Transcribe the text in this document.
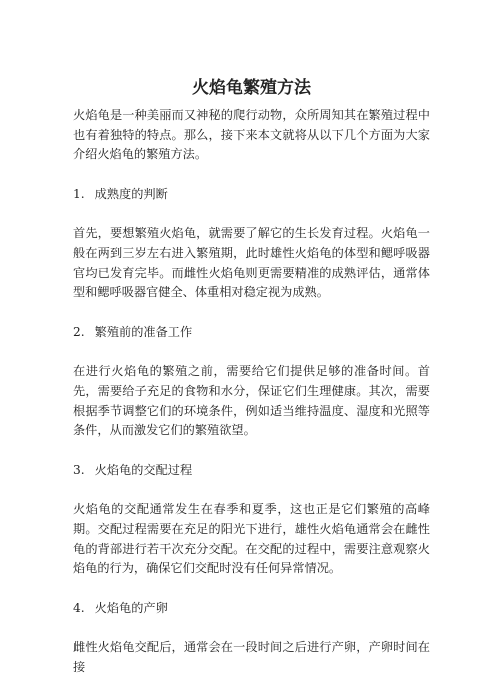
火焰龟繁殖方法

火焰龟是一种美丽而又神秘的爬行动物，众所周知其在繁殖过程中也有着独特的特点。那么，接下来本文就将从以下几个方面为大家介绍火焰龟的繁殖方法。

1. 成熟度的判断

首先，要想繁殖火焰龟，就需要了解它的生长发育过程。火焰龟一般在两到三岁左右进入繁殖期，此时雄性火焰龟的体型和鳃呼吸器官均已发育完毕。而雌性火焰龟则更需要精准的成熟评估，通常体型和鳃呼吸器官健全、体重相对稳定视为成熟。

2. 繁殖前的准备工作

在进行火焰龟的繁殖之前，需要给它们提供足够的准备时间。首先，需要给子充足的食物和水分，保证它们生理健康。其次，需要根据季节调整它们的环境条件，例如适当维持温度、湿度和光照等条件，从而激发它们的繁殖欲望。

3. 火焰龟的交配过程

火焰龟的交配通常发生在春季和夏季，这也正是它们繁殖的高峰期。交配过程需要在充足的阳光下进行，雄性火焰龟通常会在雌性龟的背部进行若干次充分交配。在交配的过程中，需要注意观察火焰龟的行为，确保它们交配时没有任何异常情况。

4. 火焰龟的产卵

雌性火焰龟交配后，通常会在一段时间之后进行产卵，产卵时间在接
